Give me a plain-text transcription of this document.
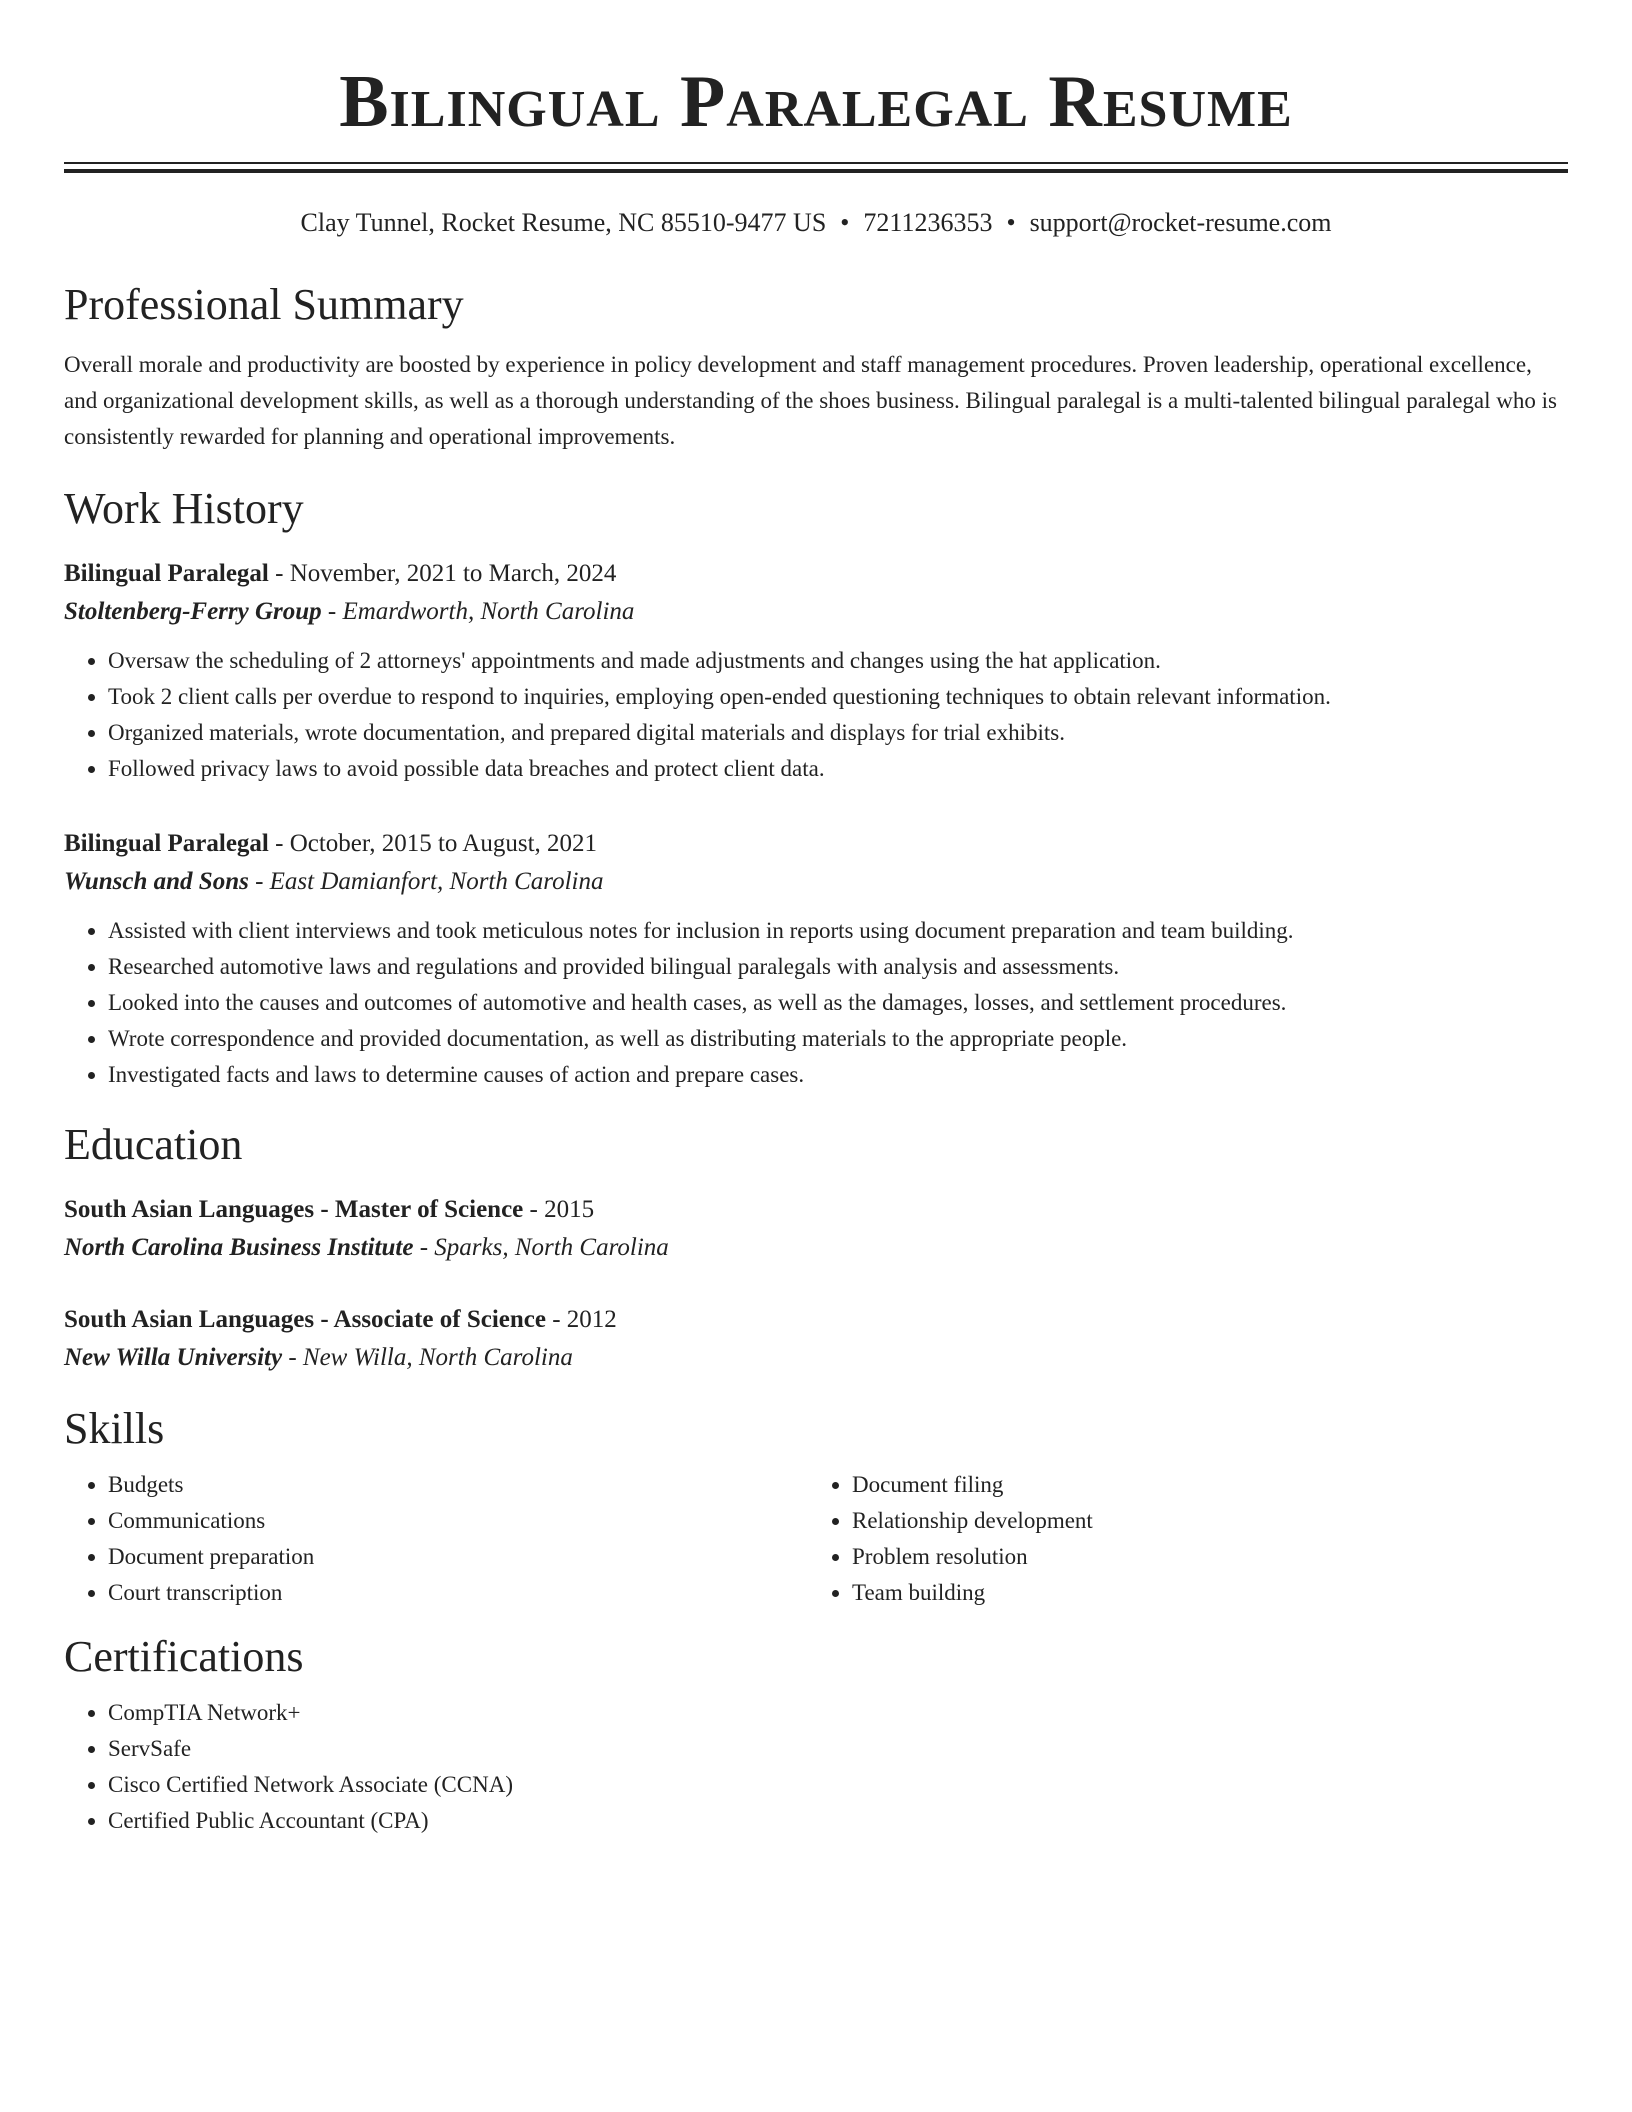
Bilingual Paralegal Resume
Clay Tunnel, Rocket Resume, NC 85510-9477 US • 7211236353 • support@rocket-resume.com
Professional Summary

Overall morale and productivity are boosted by experience in policy development and staff management procedures. Proven leadership, operational excellence, and organizational development skills, as well as a thorough understanding of the shoes business. Bilingual paralegal is a multi-talented bilingual paralegal who is consistently rewarded for planning and operational improvements.

Work History
Bilingual Paralegal - November, 2021 to March, 2024
Stoltenberg-Ferry Group - Emardworth, North Carolina
• Oversaw the scheduling of 2 attorneys' appointments and made adjustments and changes using the hat application.
• Took 2 client calls per overdue to respond to inquiries, employing open-ended questioning techniques to obtain relevant information.
• Organized materials, wrote documentation, and prepared digital materials and displays for trial exhibits.
• Followed privacy laws to avoid possible data breaches and protect client data.
Bilingual Paralegal - October, 2015 to August, 2021
Wunsch and Sons - East Damianfort, North Carolina
• Assisted with client interviews and took meticulous notes for inclusion in reports using document preparation and team building.
• Researched automotive laws and regulations and provided bilingual paralegals with analysis and assessments.
• Looked into the causes and outcomes of automotive and health cases, as well as the damages, losses, and settlement procedures.
• Wrote correspondence and provided documentation, as well as distributing materials to the appropriate people.
• Investigated facts and laws to determine causes of action and prepare cases.
Education
South Asian Languages - Master of Science - 2015
North Carolina Business Institute - Sparks, North Carolina
South Asian Languages - Associate of Science - 2012
New Willa University - New Willa, North Carolina
Skills
• Budgets
• Communications
• Document preparation
• Court transcription
• Document filing
• Relationship development
• Problem resolution
• Team building
Certifications
• CompTIA Network+
• ServSafe
• Cisco Certified Network Associate (CCNA)
• Certified Public Accountant (CPA)
